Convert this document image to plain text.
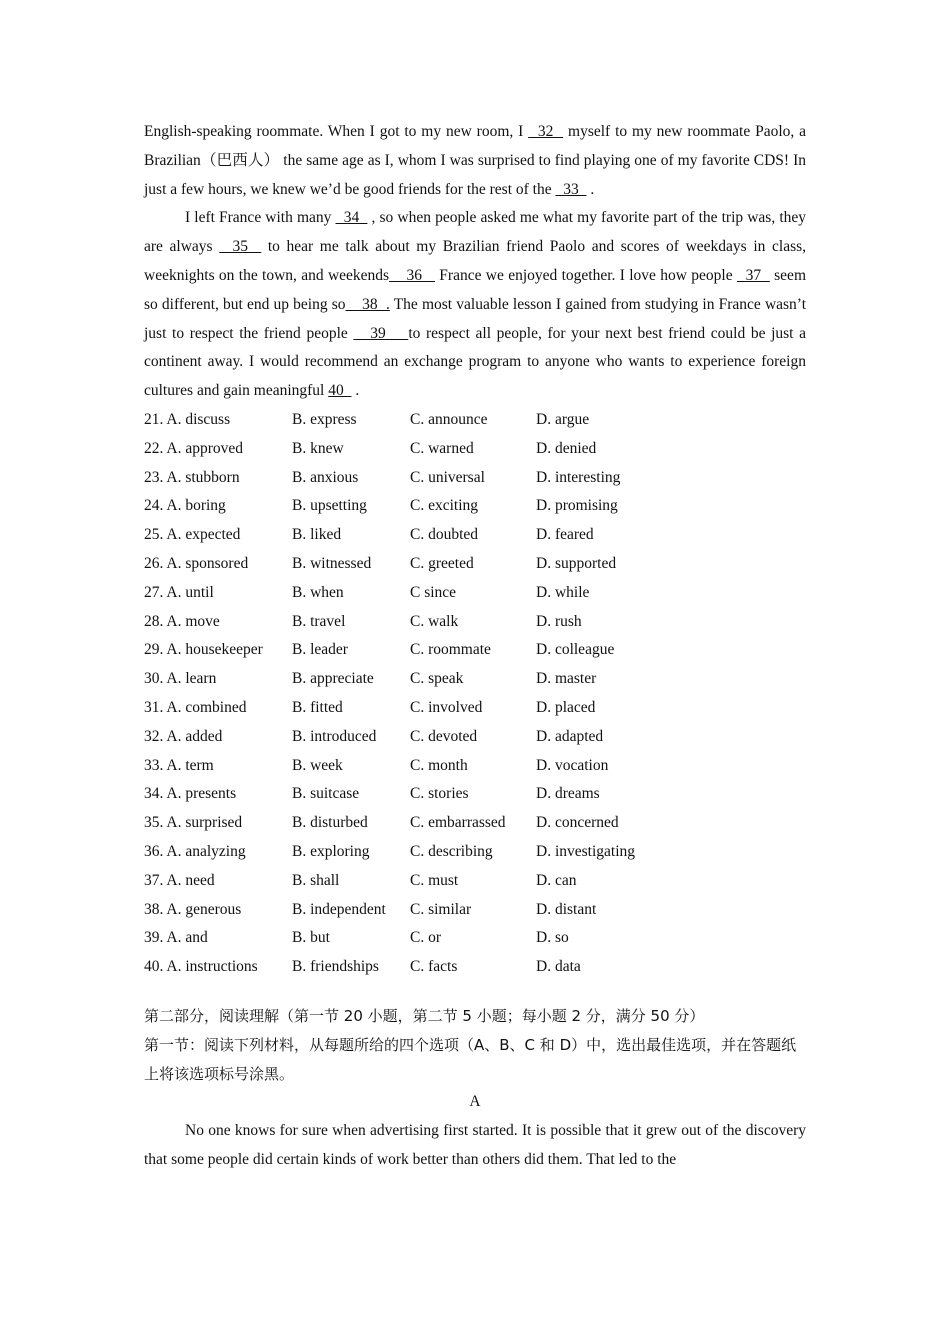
English-speaking roommate. When I got to my new room, I   32   myself to my new roommate Paolo, a Brazilian（巴西人） the same age as I, whom I was surprised to find playing one of my favorite CDS! In just a few hours, we knew we’d be good friends for the rest of the   33   .

I left France with many   34   , so when people asked me what my favorite part of the trip was, they are always   35   to hear me talk about my Brazilian friend Paolo and scores of weekdays in class, weeknights on the town, and weekends    36    France we enjoyed together. I love how people   37   seem so different, but end up being so    38  . The most valuable lesson I gained from studying in France wasn’t just to respect the friend people    39    to respect all people, for your next best friend could be just a continent away. I would recommend an exchange program to anyone who wants to experience foreign cultures and gain meaningful 40   .

21. A. discuss	B. express	C. announce	D. argue
22. A. approved	B. knew	C. warned	D. denied
23. A. stubborn	B. anxious	C. universal	D. interesting
24. A. boring	B. upsetting	C. exciting	D. promising
25. A. expected	B. liked	C. doubted	D. feared
26. A. sponsored	B. witnessed	C. greeted	D. supported
27. A. until	B. when	C since	D. while
28. A. move	B. travel	C. walk	D. rush
29. A. housekeeper B. leader	C. roommate	D. colleague
30. A. learn	B. appreciate C. speak	D. master
31. A. combined	B. fitted	C. involved	D. placed
32. A. added	B. introduced C. devoted	D. adapted
33. A. term	B. week	C. month	D. vocation
34. A. presents	B. suitcase	C. stories	D. dreams
35. A. surprised	B. disturbed	C. embarrassed D. concerned
36. A. analyzing	B. exploring	C. describing	D. investigating
37. A. need	B. shall	C. must	D. can
38. A. generous	B. independent C. similar	D. distant
39. A. and	B. but	C. or	D. so
40. A. instructions B. friendships C. facts	D. data

第二部分，阅读理解（第一节 20 小题，第二节 5 小题；每小题 2 分，满分 50 分）

第一节：阅读下列材料，从每题所给的四个选项（A、B、C 和 D）中，选出最佳选项，并在答题纸上将该选项标号涂黑。

A

No one knows for sure when advertising first started. It is possible that it grew out of the discovery that some people did certain kinds of work better than others did them. That led to the
